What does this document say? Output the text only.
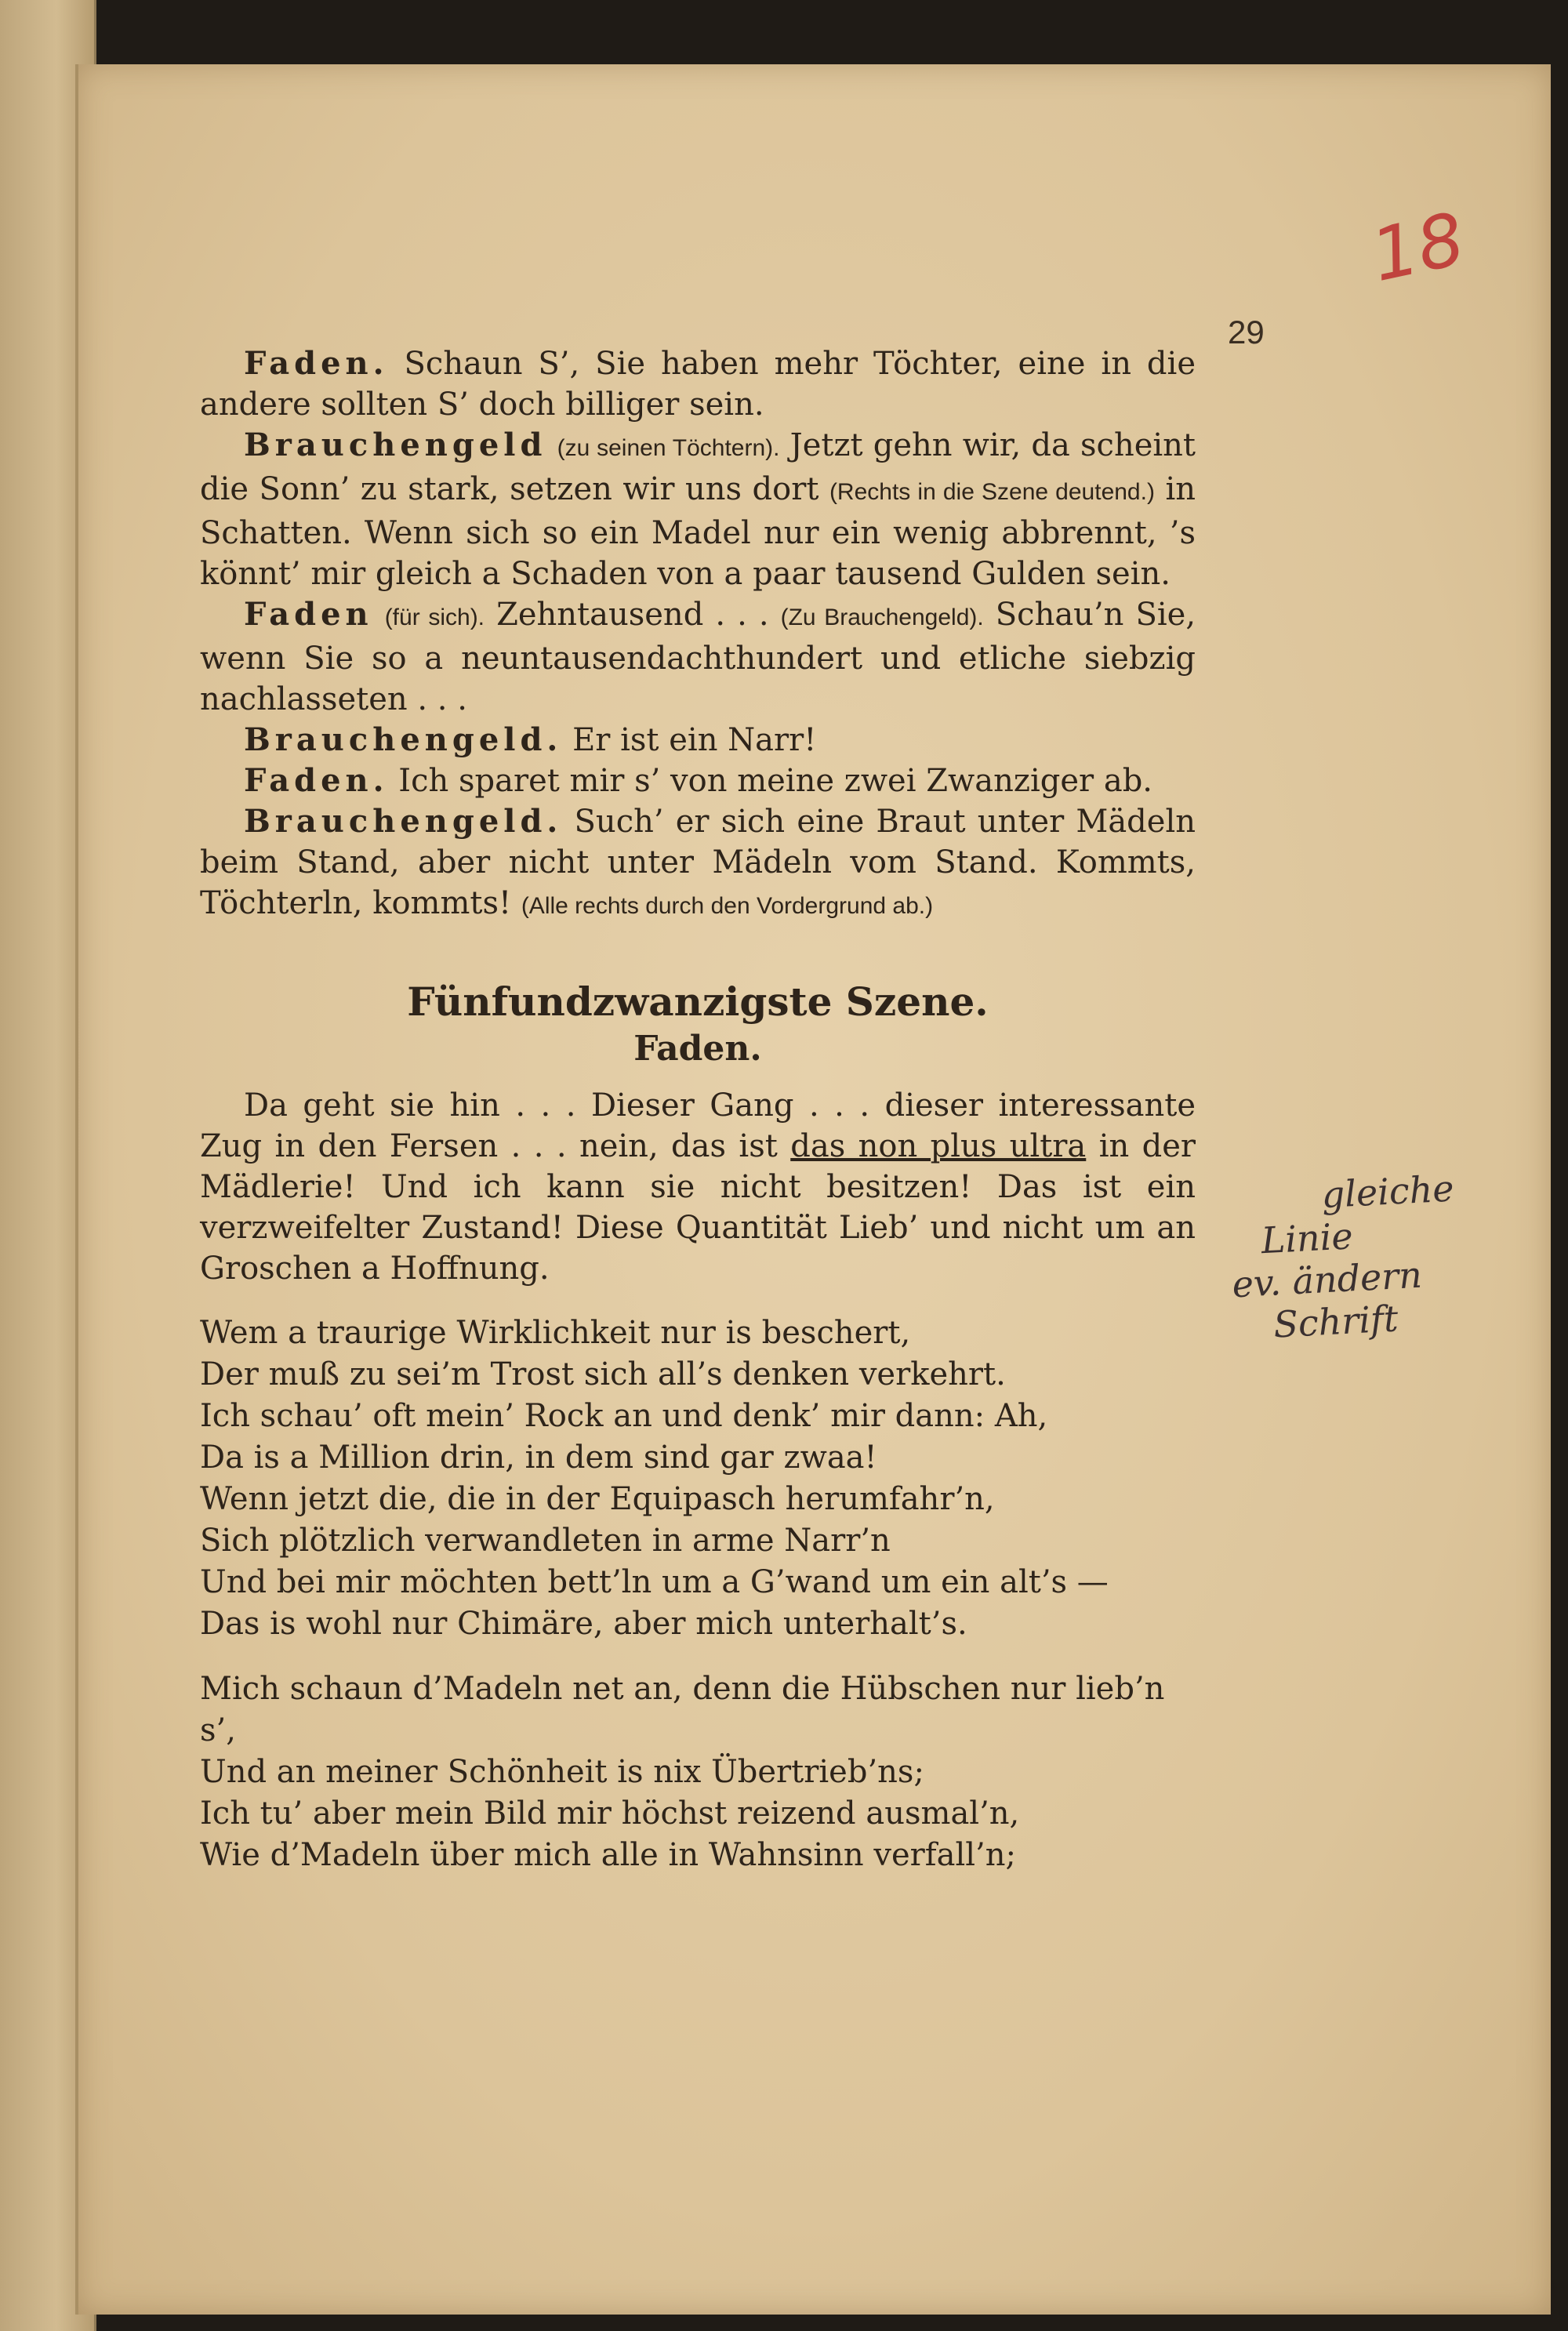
18
29

Faden. Schaun S’, Sie haben mehr Töchter, eine in die andere sollten S’ doch billiger sein.

Brauchengeld (zu seinen Töchtern). Jetzt gehn wir, da scheint die Sonn’ zu stark, setzen wir uns dort (Rechts in die Szene deutend.) in Schatten. Wenn sich so ein Madel nur ein wenig abbrennt, ’s könnt’ mir gleich a Schaden von a paar tausend Gulden sein.

Faden (für sich). Zehntausend . . . (Zu Brauchengeld). Schau’n Sie, wenn Sie so a neuntausendachthundert und etliche siebzig nachlasseten . . .

Brauchengeld. Er ist ein Narr!

Faden. Ich sparet mir s’ von meine zwei Zwanziger ab.

Brauchengeld. Such’ er sich eine Braut unter Mädeln beim Stand, aber nicht unter Mädeln vom Stand. Kommts, Töchterln, kommts! (Alle rechts durch den Vordergrund ab.)

Fünfundzwanzigste Szene.
Faden.

Da geht sie hin . . . Dieser Gang . . . dieser interessante Zug in den Fersen . . . nein, das ist das non plus ultra in der Mädlerie! Und ich kann sie nicht besitzen! Das ist ein verzweifelter Zustand! Diese Quantität Lieb’ und nicht um an Groschen a Hoffnung.

Wem a traurige Wirklichkeit nur is beschert,

Der muß zu sei’m Trost sich all’s denken verkehrt.

Ich schau’ oft mein’ Rock an und denk’ mir dann: Ah,

Da is a Million drin, in dem sind gar zwaa!

Wenn jetzt die, die in der Equipasch herumfahr’n,

Sich plötzlich verwandleten in arme Narr’n

Und bei mir möchten bett’ln um a G’wand um ein alt’s —

Das is wohl nur Chimäre, aber mich unterhalt’s.

Mich schaun d’Madeln net an, denn die Hübschen nur lieb’n s’,

Und an meiner Schönheit is nix Übertrieb’ns;

Ich tu’ aber mein Bild mir höchst reizend ausmal’n,

Wie d’Madeln über mich alle in Wahnsinn verfall’n;

gleiche
Linie
ev. ändern
Schrift
